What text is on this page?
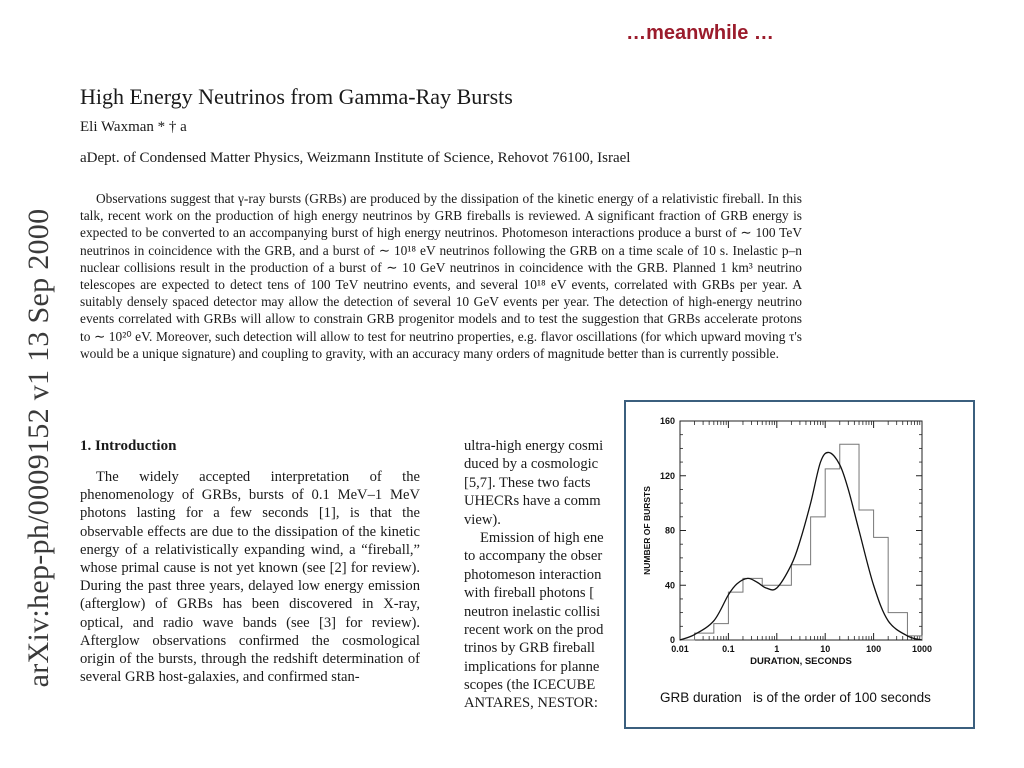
…meanwhile …
arXiv:hep-ph/0009152 v1 13 Sep 2000
High Energy Neutrinos from Gamma-Ray Bursts
Eli Waxman * † a
aDept. of Condensed Matter Physics, Weizmann Institute of Science, Rehovot 76100, Israel

Observations suggest that γ-ray bursts (GRBs) are produced by the dissipation of the kinetic energy of a relativistic fireball. In this talk, recent work on the production of high energy neutrinos by GRB fireballs is reviewed. A significant fraction of GRB energy is expected to be converted to an accompanying burst of high energy neutrinos. Photomeson interactions produce a burst of ∼ 100 TeV neutrinos in coincidence with the GRB, and a burst of ∼ 10¹⁸ eV neutrinos following the GRB on a time scale of 10 s. Inelastic p–n nuclear collisions result in the production of a burst of ∼ 10 GeV neutrinos in coincidence with the GRB. Planned 1 km³ neutrino telescopes are expected to detect tens of 100 TeV neutrino events, and several 10¹⁸ eV events, correlated with GRBs per year. A suitably densely spaced detector may allow the detection of several 10 GeV events per year. The detection of high-energy neutrino events correlated with GRBs will allow to constrain GRB progenitor models and to test the suggestion that GRBs accelerate protons to ∼ 10²⁰ eV. Moreover, such detection will allow to test for neutrino properties, e.g. flavor oscillations (for which upward moving τ's would be a unique signature) and coupling to gravity, with an accuracy many orders of magnitude better than is currently possible.

1. Introduction

The widely accepted interpretation of the phenomenology of GRBs, bursts of 0.1 MeV–1 MeV photons lasting for a few seconds [1], is that the observable effects are due to the dissipation of the kinetic energy of a relativistically expanding wind, a “fireball,” whose primal cause is not yet known (see [2] for review). During the past three years, delayed low energy emission (afterglow) of GRBs has been discovered in X-ray, optical, and radio wave bands (see [3] for review). Afterglow observations confirmed the cosmological origin of the bursts, through the redshift determination of several GRB host-galaxies, and confirmed stan-

ultra-high energy cosmi
duced by a cosmologic
[5,7]. These two facts
UHECRs have a comm
view).
Emission of high ene
to accompany the obser
photomeson interaction
with fireball photons [
neutron inelastic collisi
recent work on the prod
trinos by GRB fireball
implications for planne
scopes (the ICECUBE
ANTARES, NESTOR:
0.01	0.1	1	10	100	1000
0
40
80
120
160
DURATION, SECONDS
NUMBER OF BURSTS
GRB duration   is of the order of 100 seconds
